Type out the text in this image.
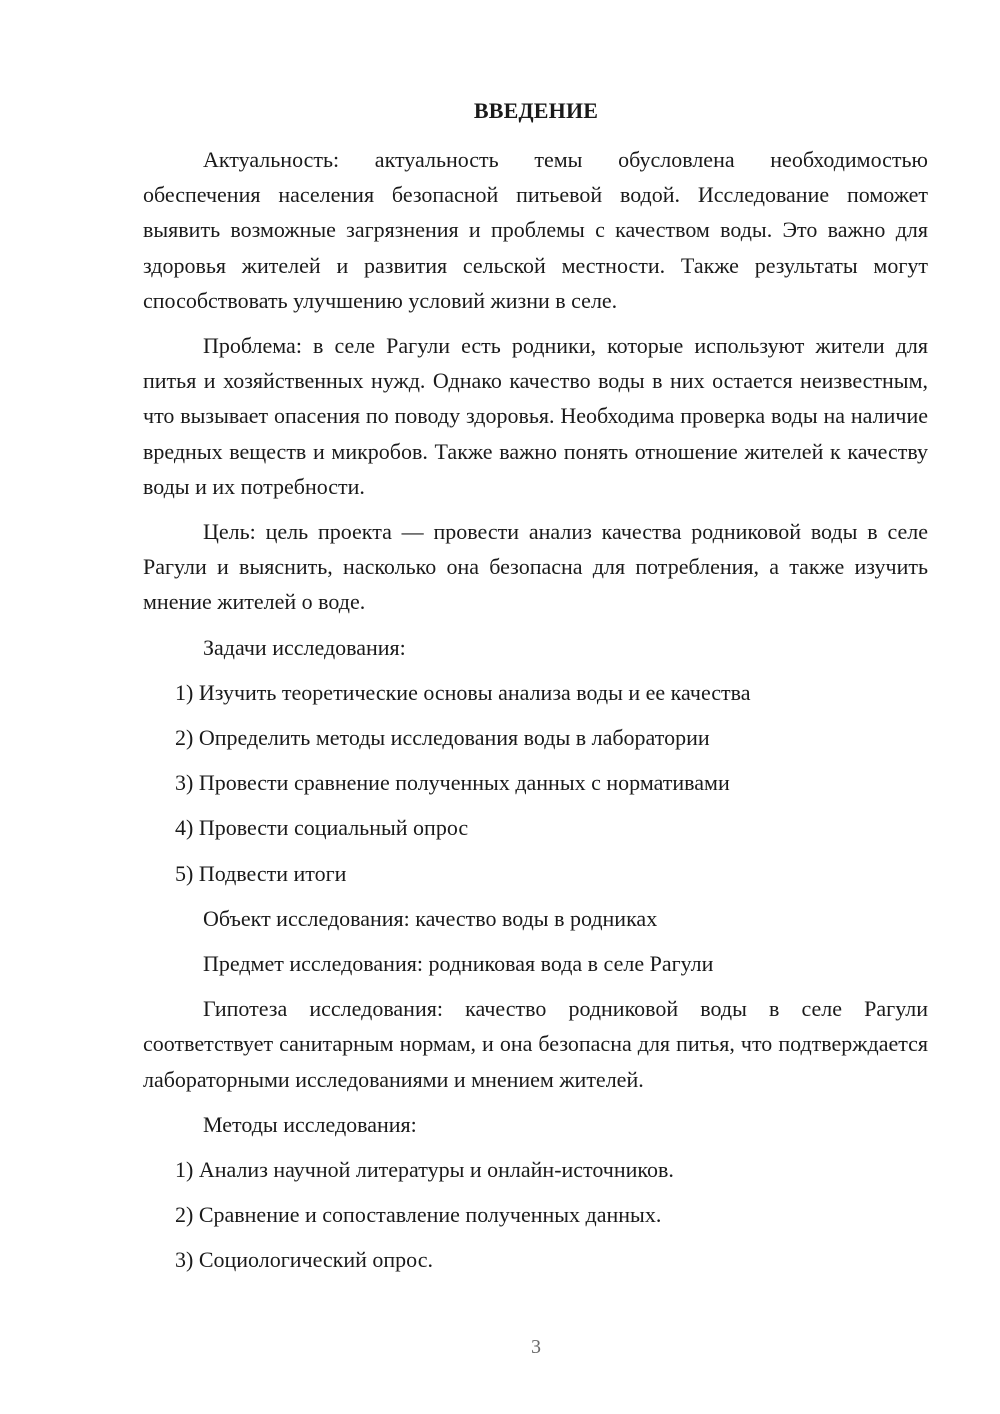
ВВЕДЕНИЕ

Актуальность: актуальность темы обусловлена необходимостью обеспечения населения безопасной питьевой водой. Исследование поможет выявить возможные загрязнения и проблемы с качеством воды. Это важно для здоровья жителей и развития сельской местности. Также результаты могут способствовать улучшению условий жизни в селе.

Проблема: в селе Рагули есть родники, которые используют жители для питья и хозяйственных нужд. Однако качество воды в них остается неизвестным, что вызывает опасения по поводу здоровья. Необходима проверка воды на наличие вредных веществ и микробов. Также важно понять отношение жителей к качеству воды и их потребности.

Цель: цель проекта — провести анализ качества родниковой воды в селе Рагули и выяснить, насколько она безопасна для потребления, а также изучить мнение жителей о воде.

Задачи исследования:

1) Изучить теоретические основы анализа воды и ее качества

2) Определить методы исследования воды в лаборатории

3) Провести сравнение полученных данных с нормативами

4) Провести социальный опрос

5) Подвести итоги

Объект исследования: качество воды в родниках

Предмет исследования: родниковая вода в селе Рагули

Гипотеза исследования: качество родниковой воды в селе Рагули соответствует санитарным нормам, и она безопасна для питья, что подтверждается лабораторными исследованиями и мнением жителей.

Методы исследования:

1) Анализ научной литературы и онлайн-источников.

2) Сравнение и сопоставление полученных данных.

3) Социологический опрос.

3
